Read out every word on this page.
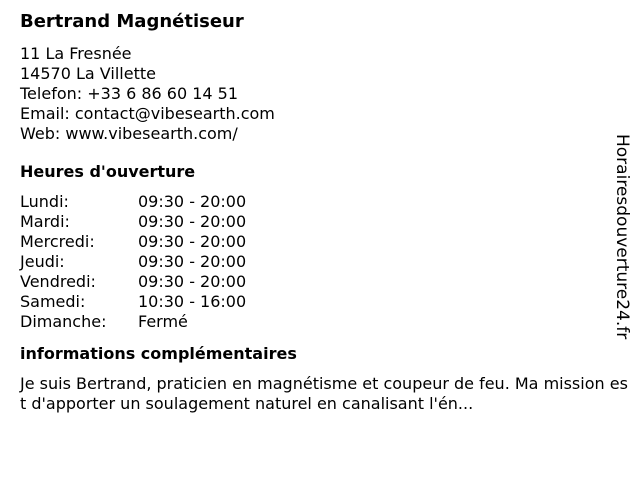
Bertrand Magnétiseur
11 La Fresnée
14570 La Villette
Telefon: +33 6 86 60 14 51
Email: contact@vibesearth.com
Web: www.vibesearth.com/
Heures d'ouverture
Lundi:	09:30 - 20:00
Mardi:	09:30 - 20:00
Mercredi:	09:30 - 20:00
Jeudi:	09:30 - 20:00
Vendredi:	09:30 - 20:00
Samedi:	10:30 - 16:00
Dimanche:	Fermé
informations complémentaires
Je suis Bertrand, praticien en magnétisme et coupeur de feu. Ma mission est d'apporter un soulagement naturel en canalisant l'én...
Horairesdouverture24.fr
